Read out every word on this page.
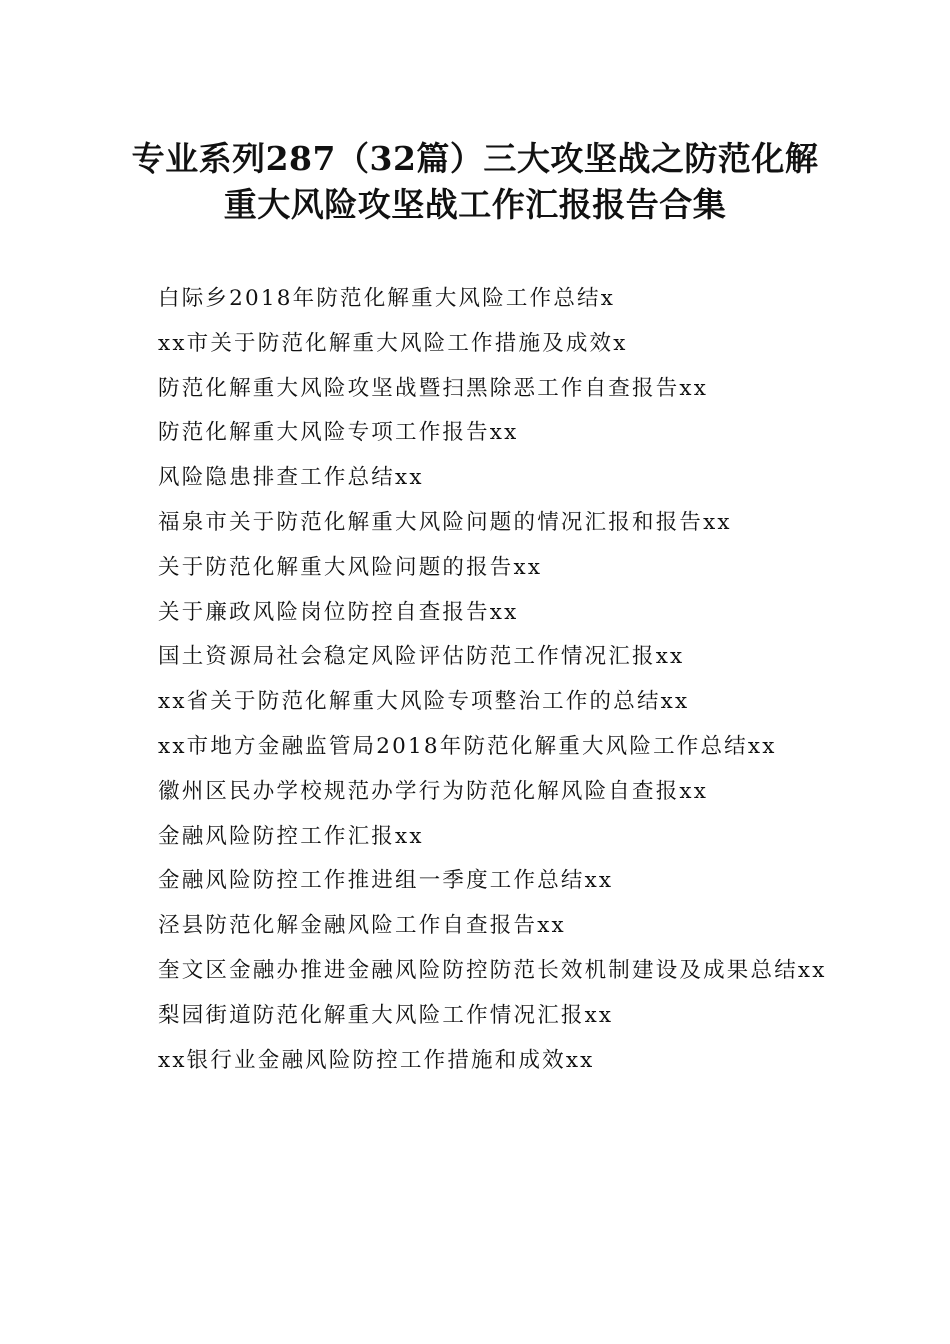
专业系列287（32篇）三大攻坚战之防范化解
重大风险攻坚战工作汇报报告合集
白际乡2018年防范化解重大风险工作总结x
xx市关于防范化解重大风险工作措施及成效x
防范化解重大风险攻坚战暨扫黑除恶工作自查报告xx
防范化解重大风险专项工作报告xx
风险隐患排查工作总结xx
福泉市关于防范化解重大风险问题的情况汇报和报告xx
关于防范化解重大风险问题的报告xx
关于廉政风险岗位防控自查报告xx
国土资源局社会稳定风险评估防范工作情况汇报xx
xx省关于防范化解重大风险专项整治工作的总结xx
xx市地方金融监管局2018年防范化解重大风险工作总结xx
徽州区民办学校规范办学行为防范化解风险自查报xx
金融风险防控工作汇报xx
金融风险防控工作推进组一季度工作总结xx
泾县防范化解金融风险工作自查报告xx
奎文区金融办推进金融风险防控防范长效机制建设及成果总结xx
梨园街道防范化解重大风险工作情况汇报xx
xx银行业金融风险防控工作措施和成效xx
